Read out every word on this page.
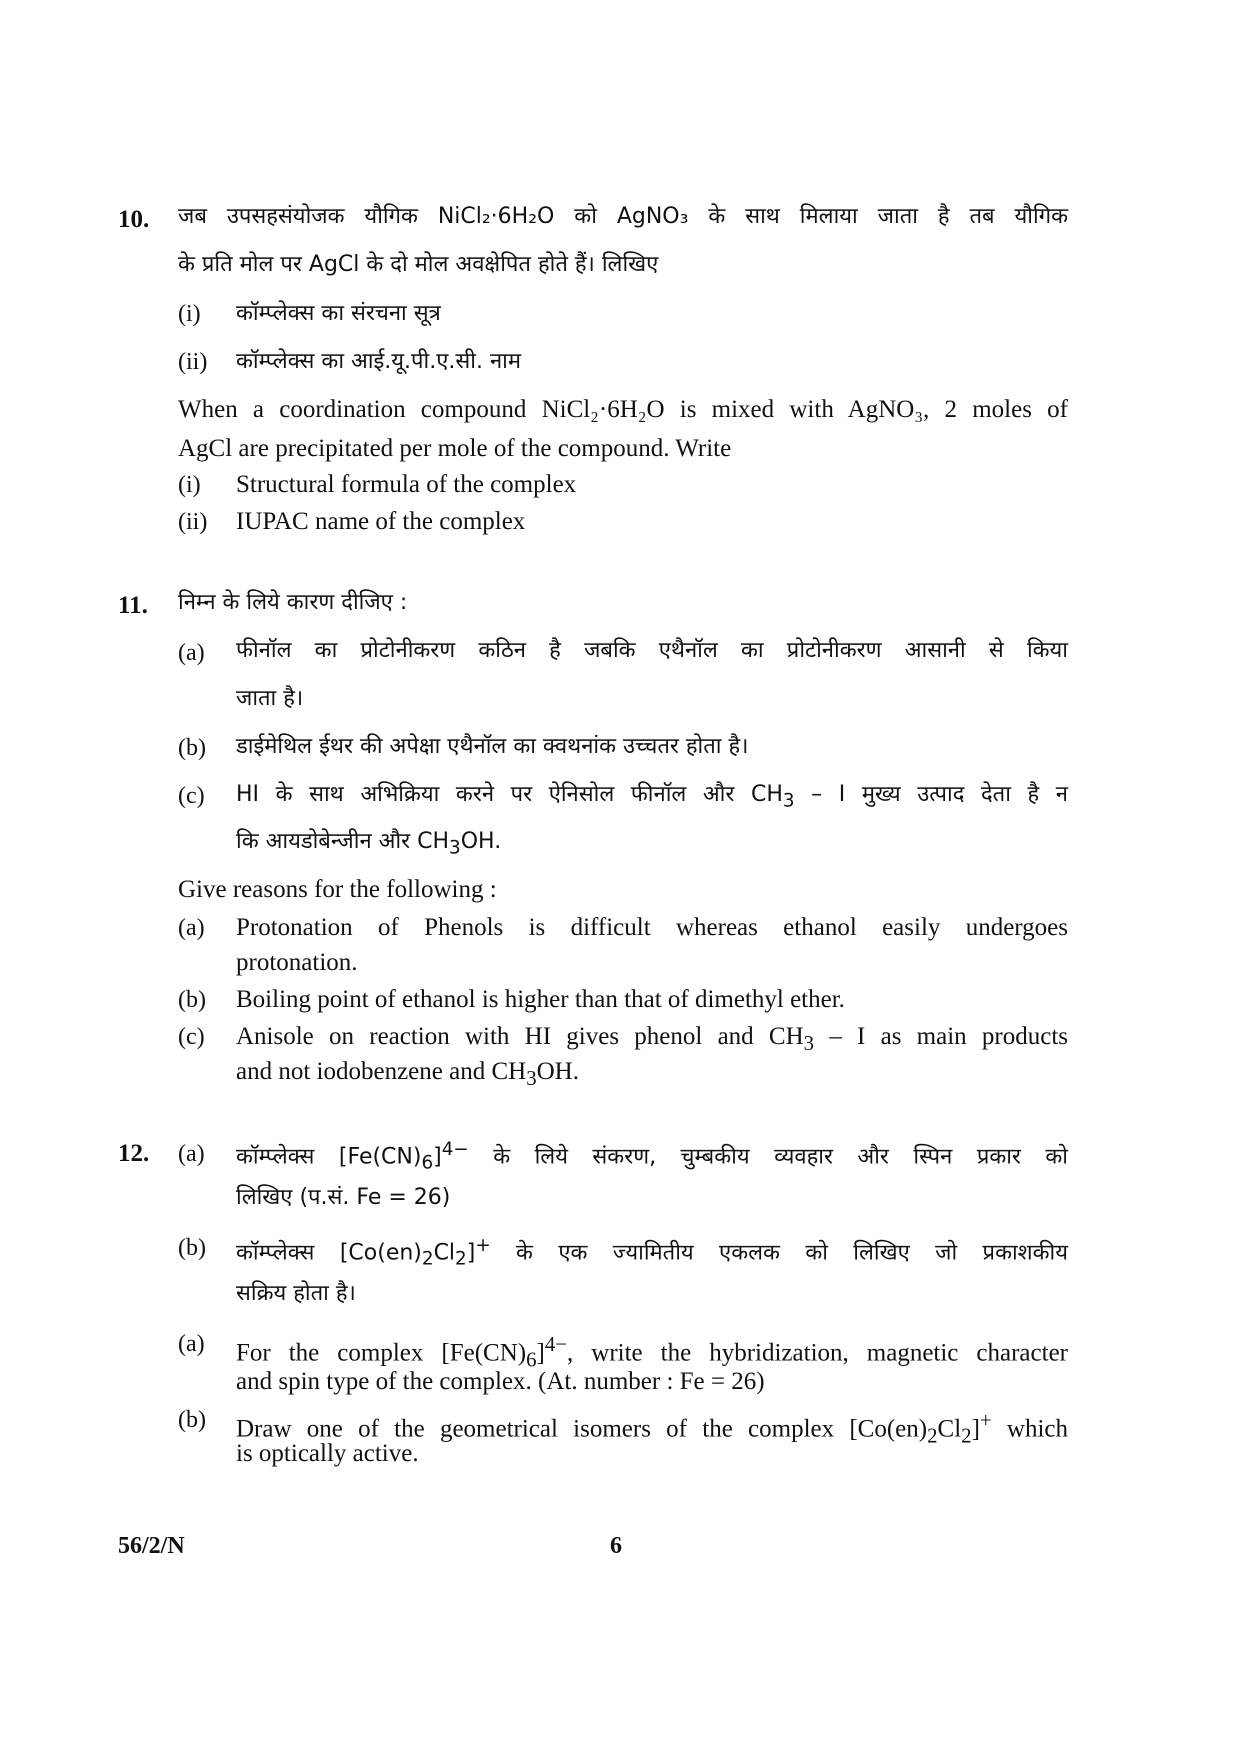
10. जब उपसहसंयोजक यौगिक NiCl₂·6H₂O को AgNO₃ के साथ मिलाया जाता है तब यौगिक
के प्रति मोल पर AgCl के दो मोल अवक्षेपित होते हैं। लिखिए
(i) कॉम्प्लेक्स का संरचना सूत्र
(ii) कॉम्प्लेक्स का आई.यू.पी.ए.सी. नाम
When a coordination compound NiCl₂·6H₂O is mixed with AgNO₃, 2 moles of
AgCl are precipitated per mole of the compound. Write
(i) Structural formula of the complex
(ii) IUPAC name of the complex
11. निम्न के लिये कारण दीजिए :
(a) फीनॉल का प्रोटोनीकरण कठिन है जबकि एथैनॉल का प्रोटोनीकरण आसानी से किया
जाता है।
(b) डाईमेथिल ईथर की अपेक्षा एथैनॉल का क्वथनांक उच्चतर होता है।
(c) HI के साथ अभिक्रिया करने पर ऐनिसोल फीनॉल और $CH_3$ – I मुख्य उत्पाद देता है न
कि आयडोबेन्जीन और $CH_3OH$.
Give reasons for the following :
(a) Protonation of Phenols is difficult whereas ethanol easily undergoes
protonation.
(b) Boiling point of ethanol is higher than that of dimethyl ether.
(c) Anisole on reaction with HI gives phenol and $CH_3$ – I as main products
and not iodobenzene and $CH_3OH$.
12. (a) कॉम्प्लेक्स $[Fe(CN)_6]^{4-}$ के लिये संकरण, चुम्बकीय व्यवहार और स्पिन प्रकार को
लिखिए (प.सं. Fe = 26)
(b) कॉम्प्लेक्स $[Co(en)_2Cl_2]^+$ के एक ज्यामितीय एकलक को लिखिए जो प्रकाशकीय
सक्रिय होता है।
(a) For the complex $[Fe(CN)_6]^{4-}$, write the hybridization, magnetic character
and spin type of the complex. (At. number : Fe = 26)
(b) Draw one of the geometrical isomers of the complex $[Co(en)_2Cl_2]^+$ which
is optically active.
56/2/N	6
